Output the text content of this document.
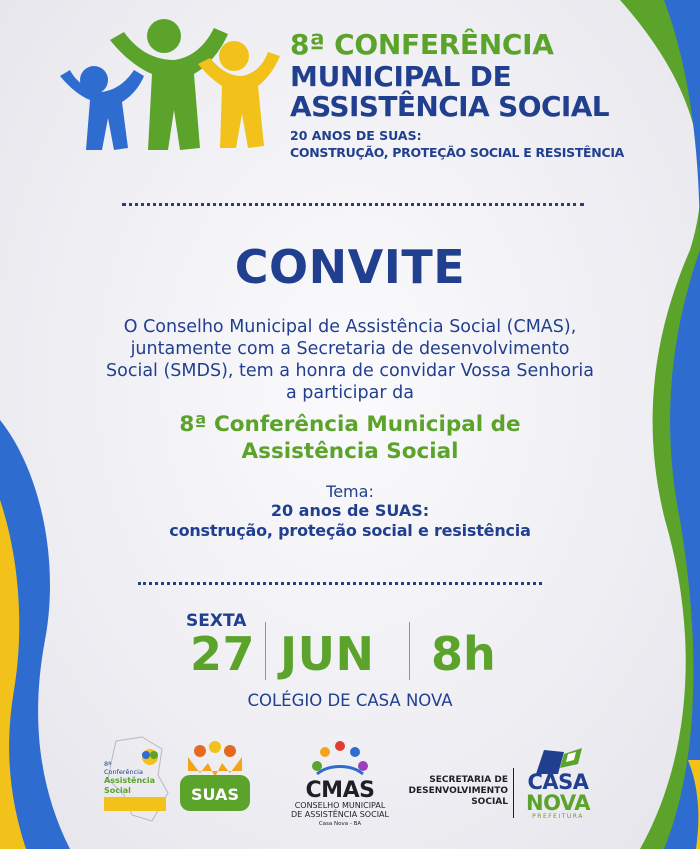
8ª CONFERÊNCIA
MUNICIPAL DE
ASSISTÊNCIA SOCIAL
20 ANOS DE SUAS:
CONSTRUÇÃO, PROTEÇÃO SOCIAL E RESISTÊNCIA
CONVITE
O Conselho Municipal de Assistência Social (CMAS),
juntamente com a Secretaria de desenvolvimento
Social (SMDS), tem a honra de convidar Vossa Senhoria
a participar da
8ª Conferência Municipal de
Assistência Social
Tema:
20 anos de SUAS:
construção, proteção social e resistência
SEXTA
27 JUN 8h
COLÉGIO DE CASA NOVA
8ª
Conferência
Assistência
Social	SUAS	CMAS
CONSELHO MUNICIPAL
DE ASSISTÊNCIA SOCIAL
Casa Nova - BA
SECRETARIA DE
DESENVOLVIMENTO
SOCIAL
CASA
NOVA
PREFEITURA
